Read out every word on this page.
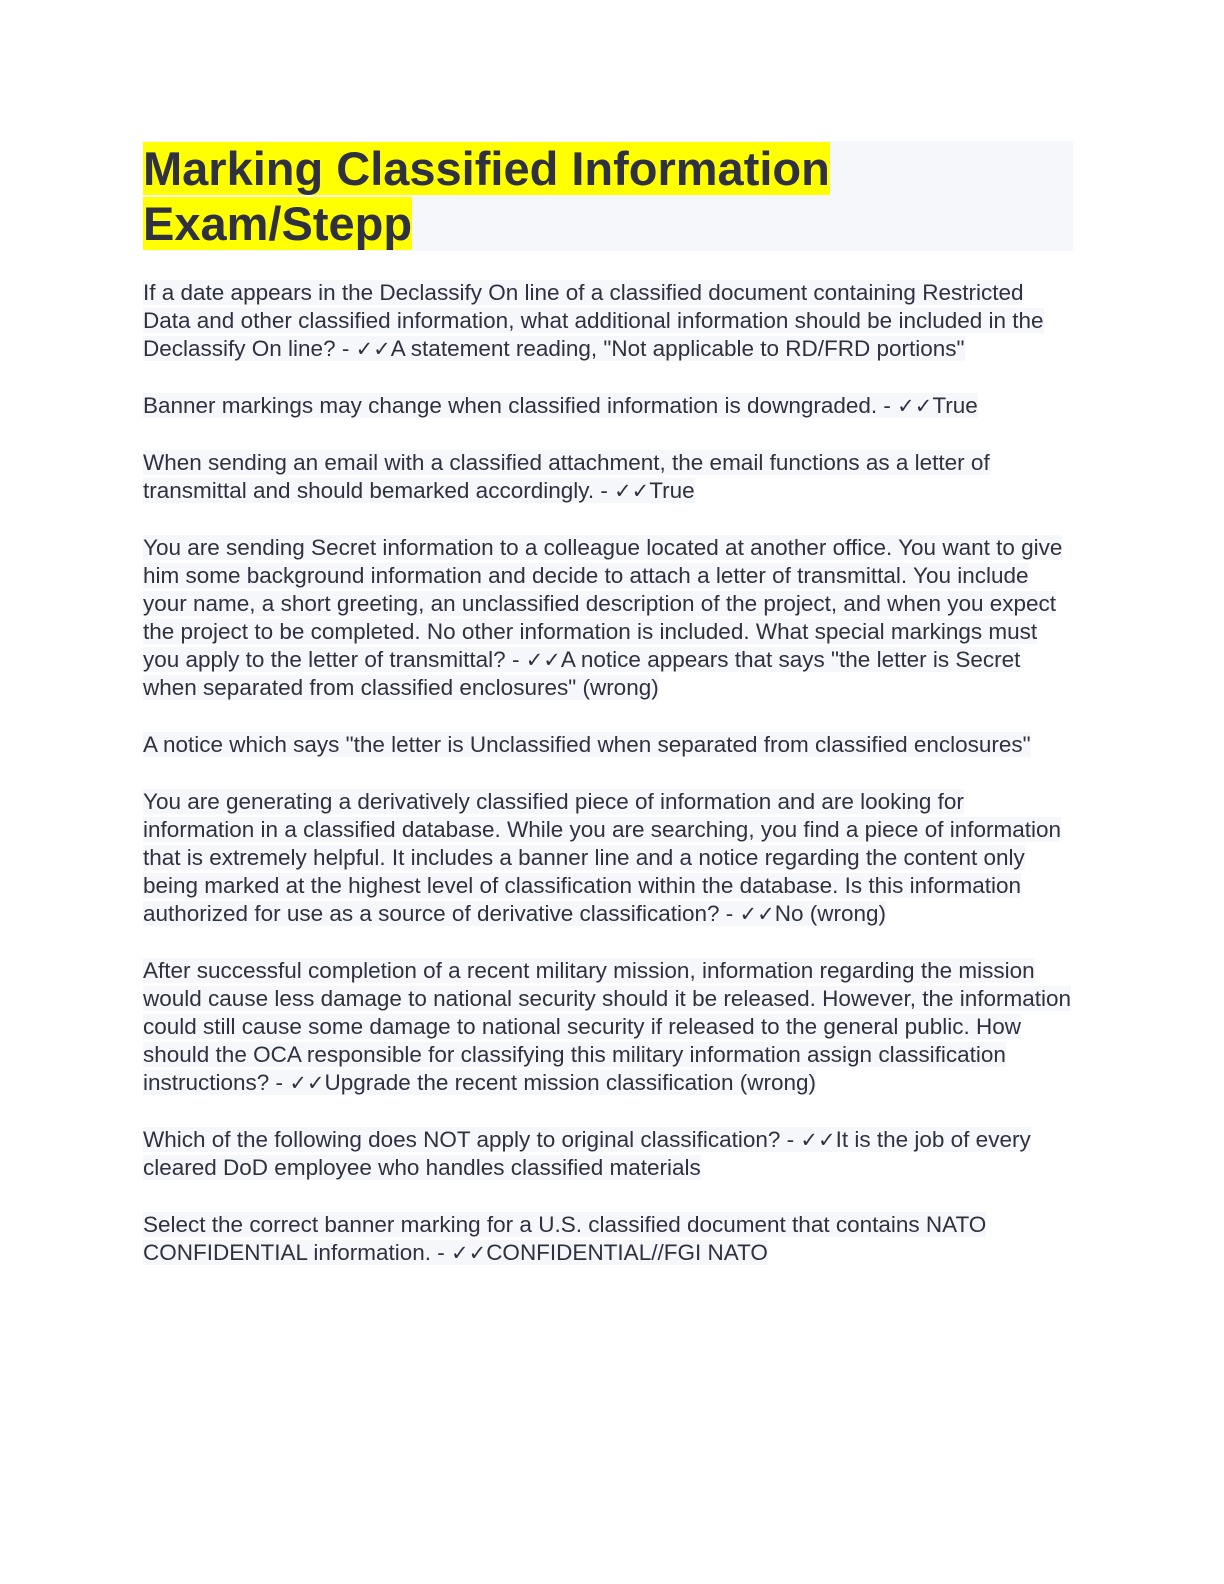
Marking Classified Information
Exam/Stepp

If a date appears in the Declassify On line of a classified document containing Restricted Data and other classified information, what additional information should be included in the Declassify On line? - ✓✓A statement reading, "Not applicable to RD/FRD portions"

Banner markings may change when classified information is downgraded. - ✓✓True

When sending an email with a classified attachment, the email functions as a letter of transmittal and should bemarked accordingly. - ✓✓True

You are sending Secret information to a colleague located at another office. You want to give him some background information and decide to attach a letter of transmittal. You include your name, a short greeting, an unclassified description of the project, and when you expect the project to be completed. No other information is included. What special markings must you apply to the letter of transmittal? - ✓✓A notice appears that says "the letter is Secret when separated from classified enclosures" (wrong)

A notice which says "the letter is Unclassified when separated from classified enclosures"

You are generating a derivatively classified piece of information and are looking for information in a classified database. While you are searching, you find a piece of information that is extremely helpful. It includes a banner line and a notice regarding the content only being marked at the highest level of classification within the database. Is this information authorized for use as a source of derivative classification? - ✓✓No (wrong)

After successful completion of a recent military mission, information regarding the mission would cause less damage to national security should it be released. However, the information could still cause some damage to national security if released to the general public. How should the OCA responsible for classifying this military information assign classification instructions? - ✓✓Upgrade the recent mission classification (wrong)

Which of the following does NOT apply to original classification? - ✓✓It is the job of every cleared DoD employee who handles classified materials

Select the correct banner marking for a U.S. classified document that contains NATO CONFIDENTIAL information. - ✓✓CONFIDENTIAL//FGI NATO
